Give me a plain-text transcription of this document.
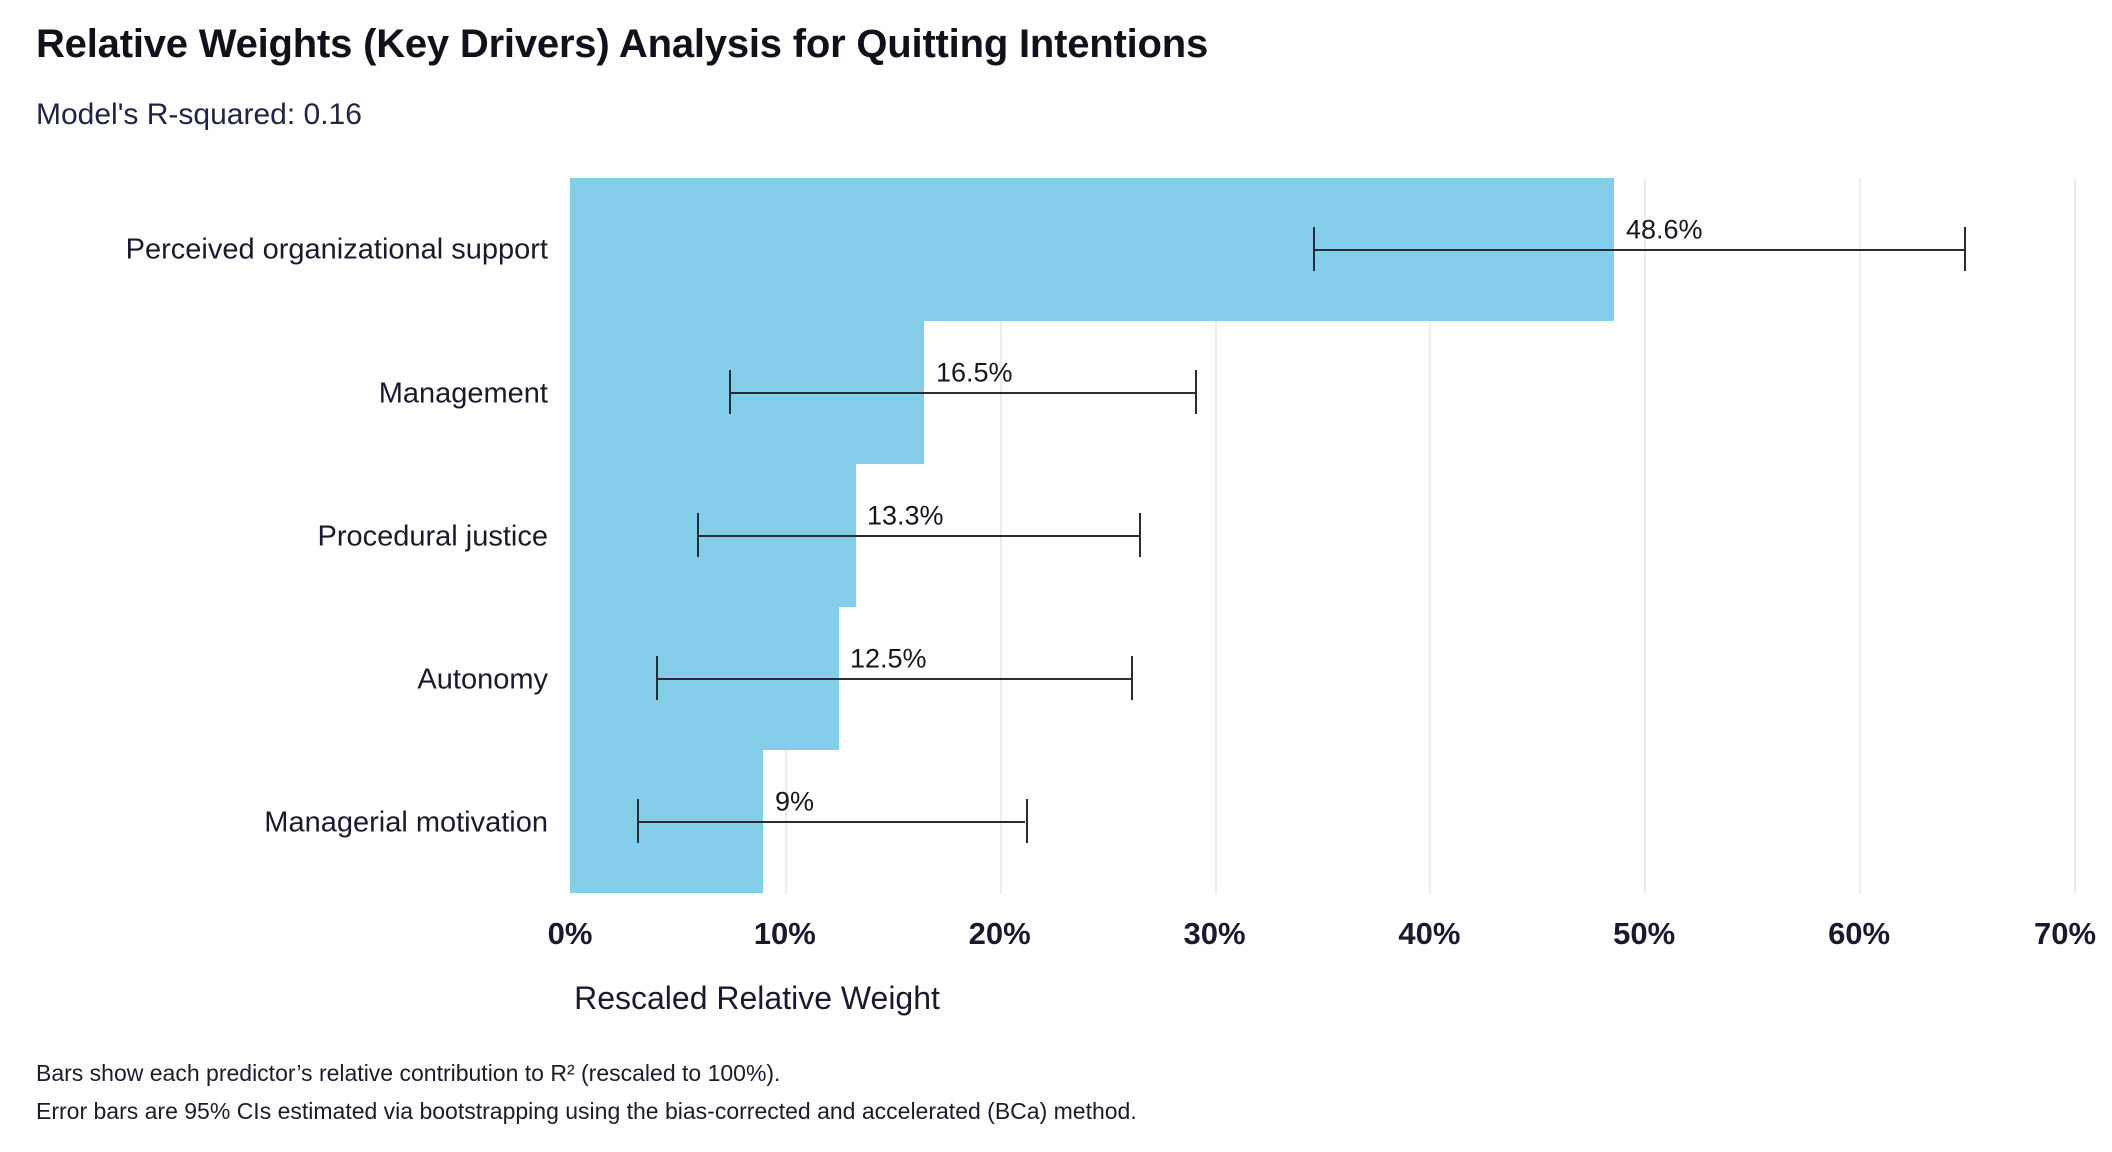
Relative Weights (Key Drivers) Analysis for Quitting Intentions
Model's R-squared: 0.16
Perceived organizational support
Management
Procedural justice
Autonomy
Managerial motivation
48.6%
16.5%
13.3%
12.5%
9%
0%	10%	20%	30%	40%	50%	60%	70%
Rescaled Relative Weight
Bars show each predictor’s relative contribution to R² (rescaled to 100%).
Error bars are 95% CIs estimated via bootstrapping using the bias-corrected and accelerated (BCa) method.
